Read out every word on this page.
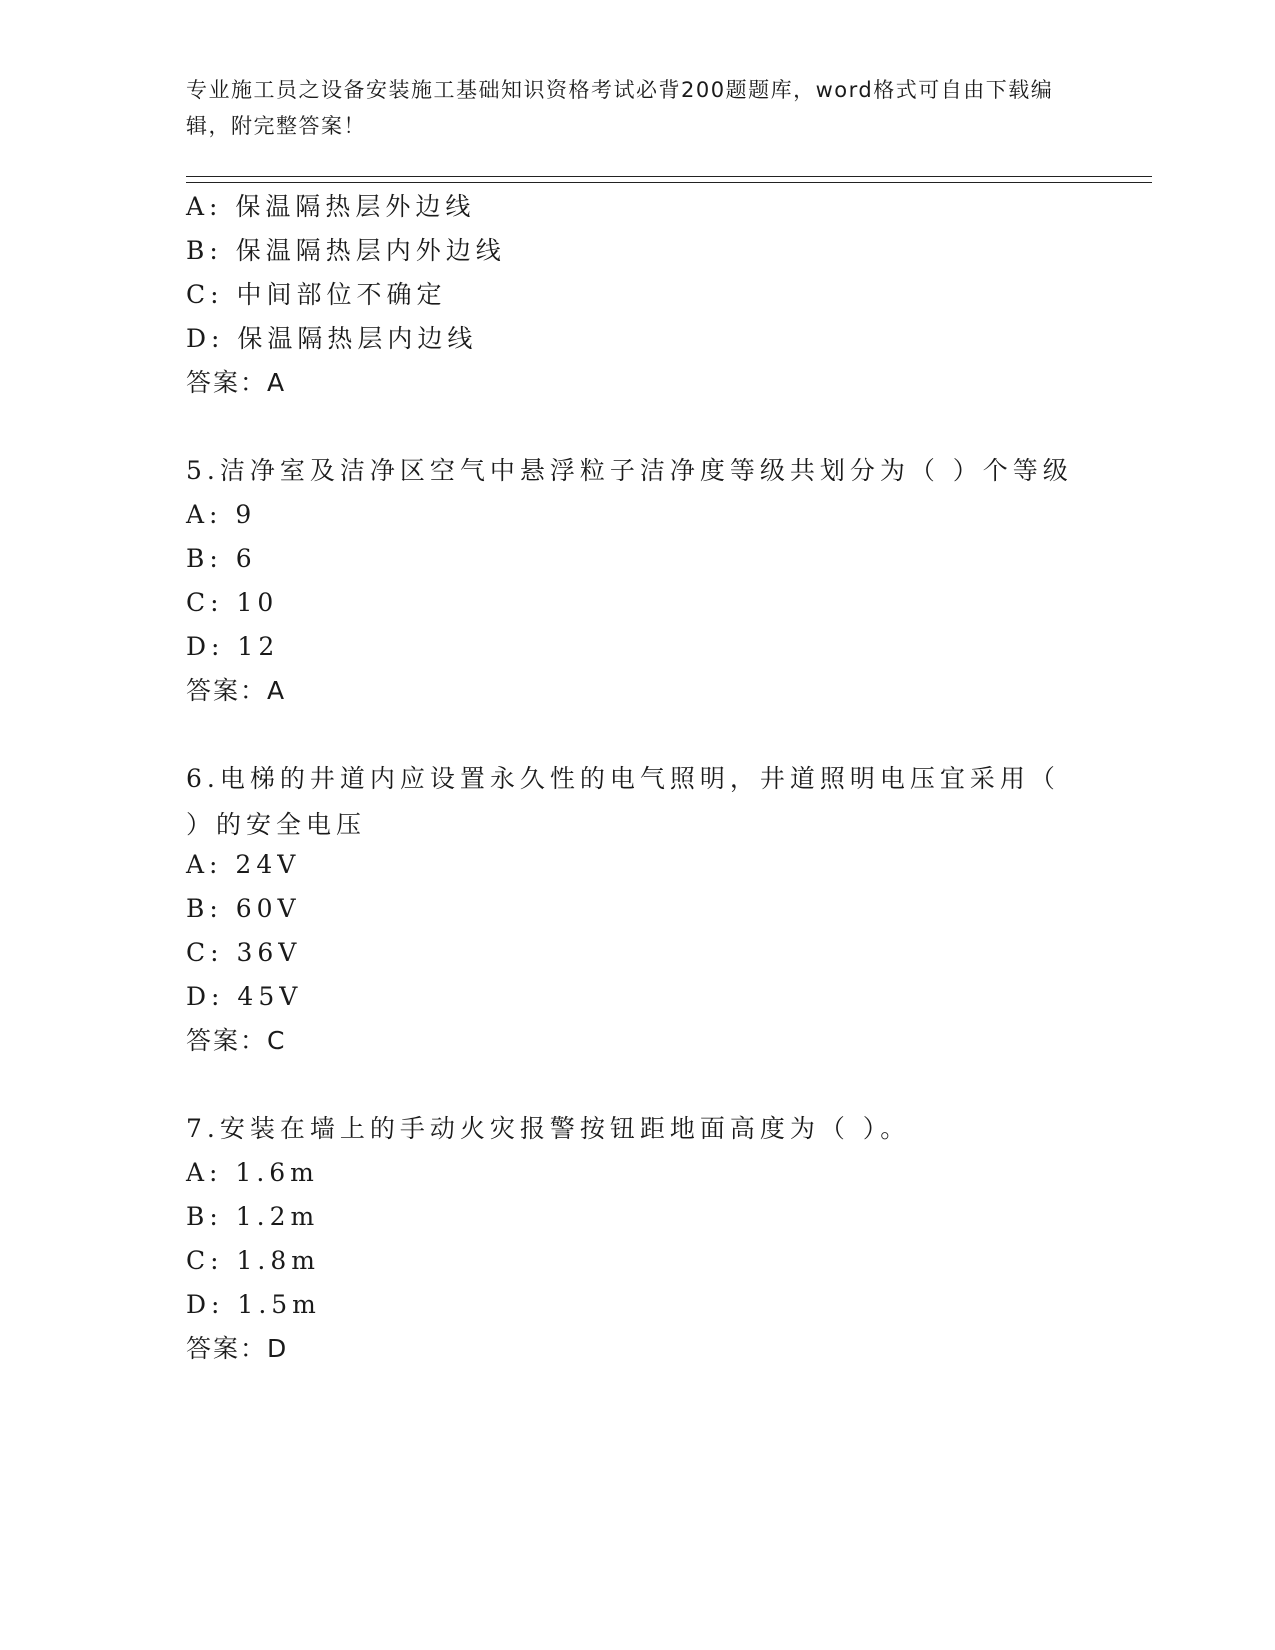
专业施工员之设备安装施工基础知识资格考试必背200题题库，word格式可自由下载编辑，附完整答案！
A: 保温隔热层外边线
B: 保温隔热层内外边线
C: 中间部位不确定
D: 保温隔热层内边线
答案：A
5.洁净室及洁净区空气中悬浮粒子洁净度等级共划分为（ ）个等级
A: 9
B: 6
C: 10
D: 12
答案：A
6.电梯的井道内应设置永久性的电气照明，井道照明电压宜采用（ ）的安全电压
A: 24V
B: 60V
C: 36V
D: 45V
答案：C
7.安装在墙上的手动火灾报警按钮距地面高度为（ ）。
A: 1.6m
B: 1.2m
C: 1.8m
D: 1.5m
答案：D
